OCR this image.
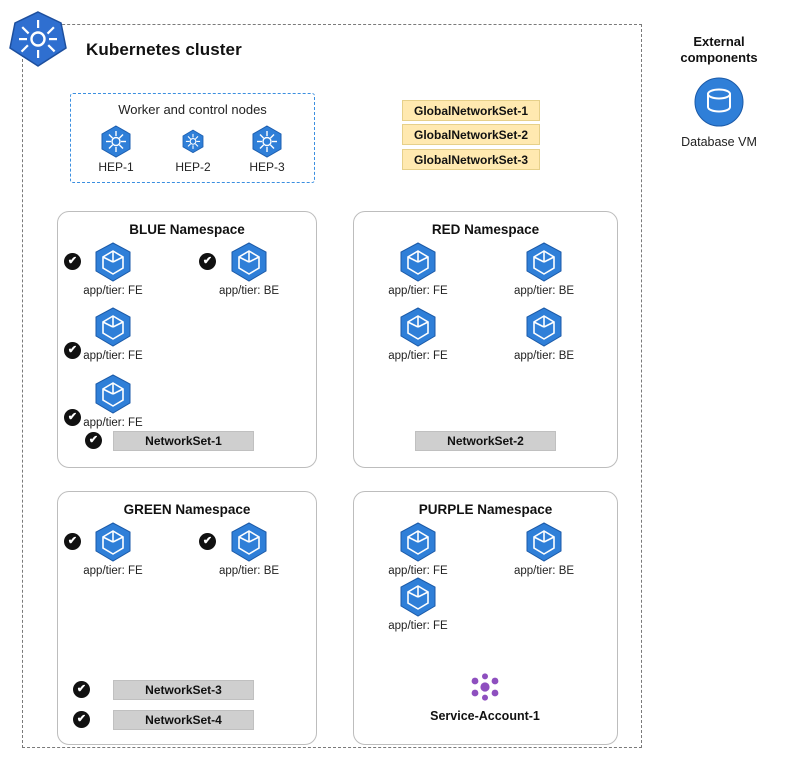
Kubernetes cluster
Worker and control nodes
HEP-1	HEP-2	HEP-3
GlobalNetworkSet-1
GlobalNetworkSet-2
GlobalNetworkSet-3
BLUE Namespace
app/tier: FE
✔
app/tier: BE
✔
app/tier: FE
✔
app/tier: FE
✔
NetworkSet-1
✔
RED Namespace
app/tier: FE	app/tier: BE
app/tier: FE	app/tier: BE
NetworkSet-2
GREEN Namespace
app/tier: FE
✔
app/tier: BE
✔
NetworkSet-3
✔
NetworkSet-4
✔
PURPLE Namespace
app/tier: FE	app/tier: BE
app/tier: FE
Service-Account-1
External components
Database VM
